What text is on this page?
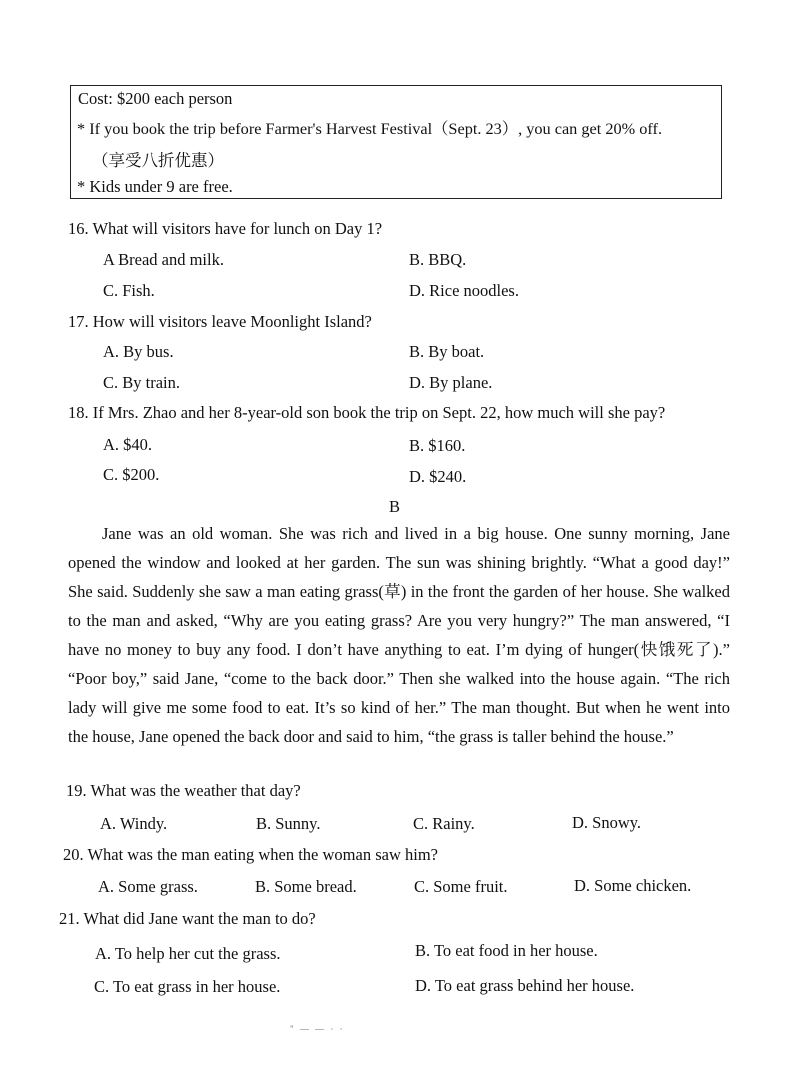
Cost: $200 each person
* If you book the trip before Farmer's Harvest Festival（Sept. 23）, you can get 20% off.
（享受八折优惠）
* Kids under 9 are free.
16. What will visitors have for lunch on Day 1?
A Bread and milk.	B. BBQ.
C. Fish.	D. Rice noodles.
17. How will visitors leave Moonlight Island?
A. By bus.	B. By boat.
C. By train.	D. By plane.
18. If Mrs. Zhao and her 8-year-old son book the trip on Sept. 22, how much will she pay?
A. $40.	B. $160.
C. $200.	D. $240.
B

Jane was an old woman. She was rich and lived in a big house. One sunny morning, Jane opened the window and looked at her garden. The sun was shining brightly. “What a good day!” She said. Suddenly she saw a man eating grass(草) in the front the garden of her house. She walked to the man and asked, “Why are you eating grass? Are you very hungry?” The man answered, “I have no money to buy any food. I don’t have anything to eat. I’m dying of hunger(快饿死了).” “Poor boy,” said Jane, “come to the back door.” Then she walked into the house again. “The rich lady will give me some food to eat. It’s so kind of her.” The man thought. But when he went into the house, Jane opened the back door and said to him, “the grass is taller behind the house.”

19. What was the weather that day?
A. Windy.	B. Sunny.	C. Rainy.	D. Snowy.
20. What was the man eating when the woman saw him?
A. Some grass.	B. Some bread.	C. Some fruit.	D. Some chicken.
21. What did Jane want the man to do?
A. To help her cut the grass.	B. To eat food in her house.
C. To eat grass in her house.	D. To eat grass behind her house.
" — — · ·
